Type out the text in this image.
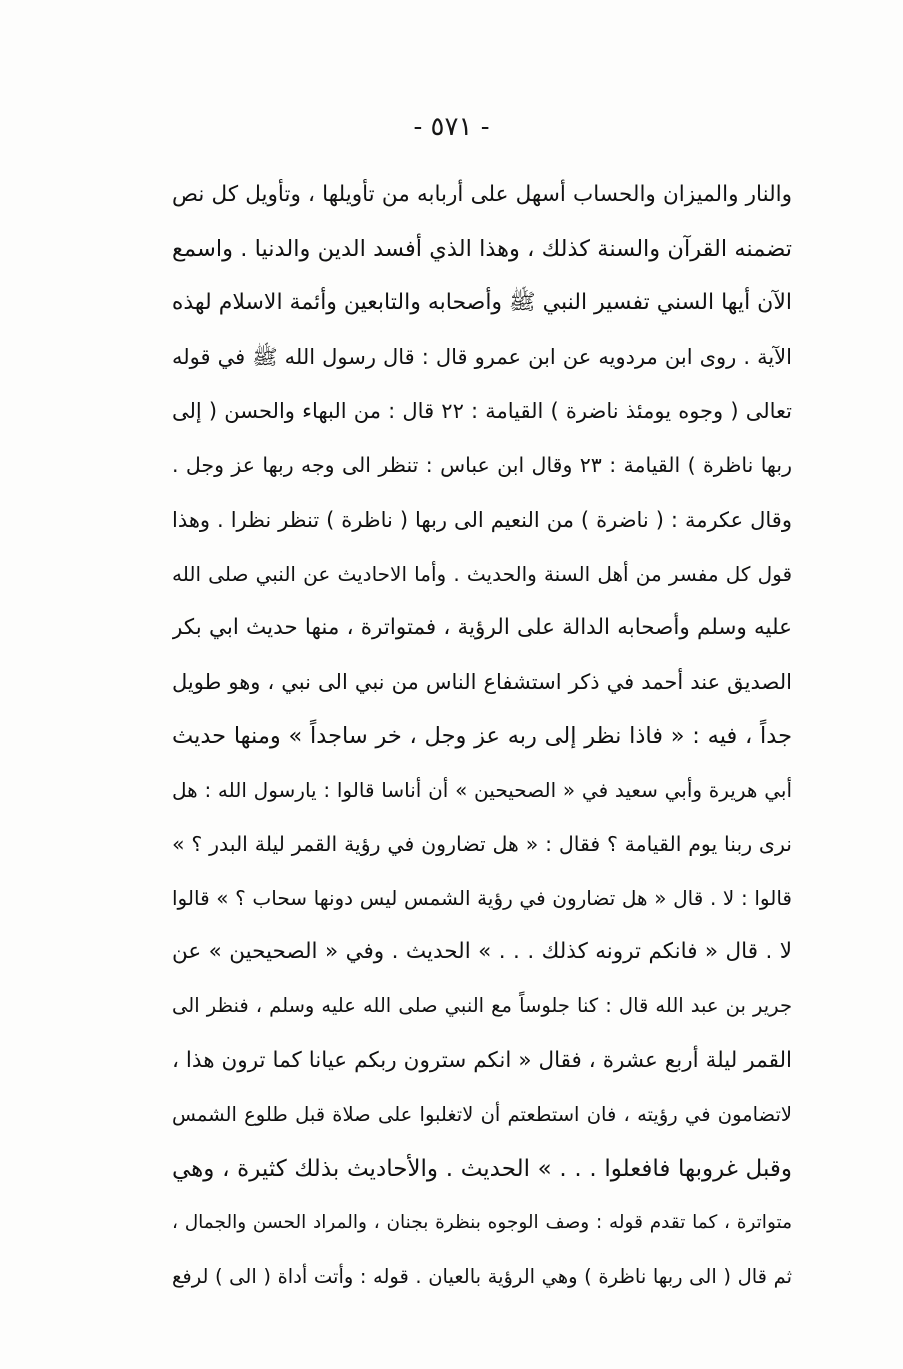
- ٥٧١ -
والنار والميزان والحساب أسهل على أربابه من تأويلها ، وتأويل كل نص
تضمنه القرآن والسنة كذلك ، وهذا الذي أفسد الدين والدنيا . واسمع
الآن أيها السني تفسير النبي ﷺ وأصحابه والتابعين وأئمة الاسلام لهذه
الآية . روى ابن مردويه عن ابن عمرو قال : قال رسول الله ﷺ في قوله
تعالى ( وجوه يومئذ ناضرة ) القيامة : ٢٢ قال : من البهاء والحسن ( إلى
ربها ناظرة ) القيامة : ٢٣ وقال ابن عباس : تنظر الى وجه ربها عز وجل .
وقال عكرمة : ( ناضرة ) من النعيم الى ربها ( ناظرة ) تنظر نظرا . وهذا
قول كل مفسر من أهل السنة والحديث . وأما الاحاديث عن النبي صلى الله
عليه وسلم وأصحابه الدالة على الرؤية ، فمتواترة ، منها حديث ابي بكر
الصديق عند أحمد في ذكر استشفاع الناس من نبي الى نبي ، وهو طويل
جداً ، فيه : « فاذا نظر إلى ربه عز وجل ، خر ساجداً » ومنها حديث
أبي هريرة وأبي سعيد في « الصحيحين » أن أناسا قالوا : يارسول الله : هل
نرى ربنا يوم القيامة ؟ فقال : « هل تضارون في رؤية القمر ليلة البدر ؟ »
قالوا : لا . قال « هل تضارون في رؤية الشمس ليس دونها سحاب ؟ » قالوا
لا . قال « فانكم ترونه كذلك . . . » الحديث . وفي « الصحيحين » عن
جرير بن عبد الله قال : كنا جلوساً مع النبي صلى الله عليه وسلم ، فنظر الى
القمر ليلة أربع عشرة ، فقال « انكم سترون ربكم عيانا كما ترون هذا ،
لاتضامون في رؤيته ، فان استطعتم أن لاتغلبوا على صلاة قبل طلوع الشمس
وقبل غروبها فافعلوا . . . » الحديث . والأحاديث بذلك كثيرة ، وهي
متواترة ، كما تقدم قوله : وصف الوجوه بنظرة بجنان ، والمراد الحسن والجمال ،
ثم قال ( الى ربها ناظرة ) وهي الرؤية بالعيان . قوله : وأتت أداة ( الى ) لرفع
